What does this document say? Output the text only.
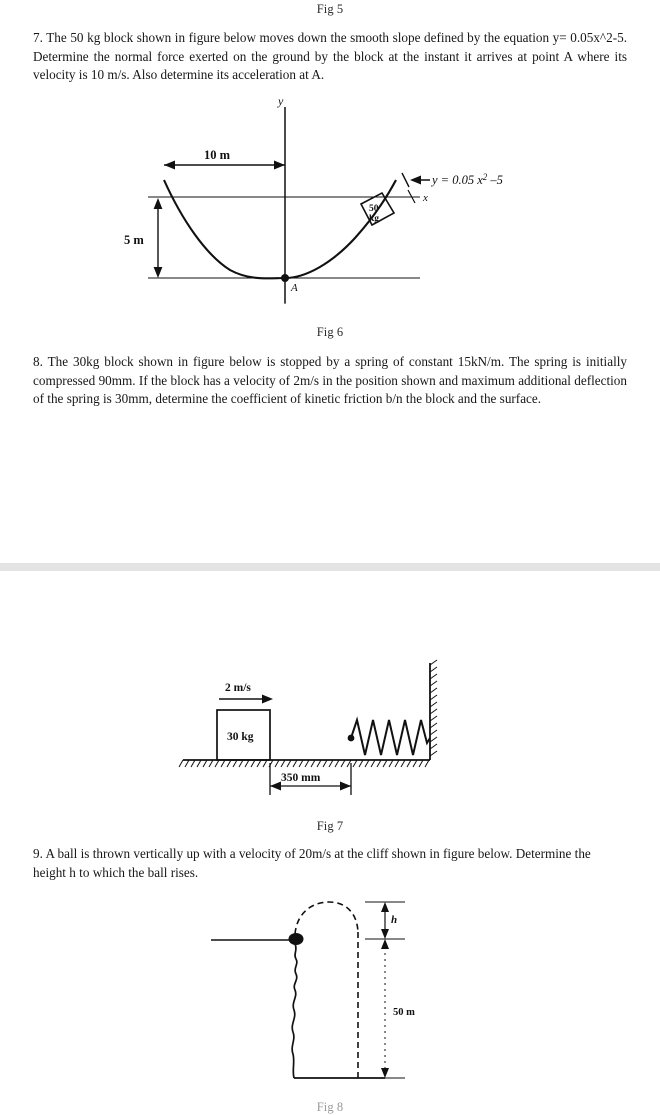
Fig 5
7. The 50 kg block shown in figure below moves down the smooth slope defined by the equation y= 0.05x^2-5. Determine the normal force exerted on the ground by the block at the instant it arrives at point A where its velocity is 10 m/s. Also determine its acceleration at A.
A
y
x
10 m
5 m
50
kg
y = 0.05 $x^2$ –5
Fig 6
8. The 30kg block shown in figure below is stopped by a spring of constant 15kN/m. The spring is initially compressed 90mm. If the block has a velocity of 2m/s in the position shown and maximum additional deflection of the spring is 30mm, determine the coefficient of kinetic friction b/n the block and the surface.
30 kg
2 m/s
350 mm
Fig 7
9. A ball is thrown vertically up with a velocity of 20m/s at the cliff shown in figure below. Determine the height h to which the ball rises.
h
50 m
Fig 8
